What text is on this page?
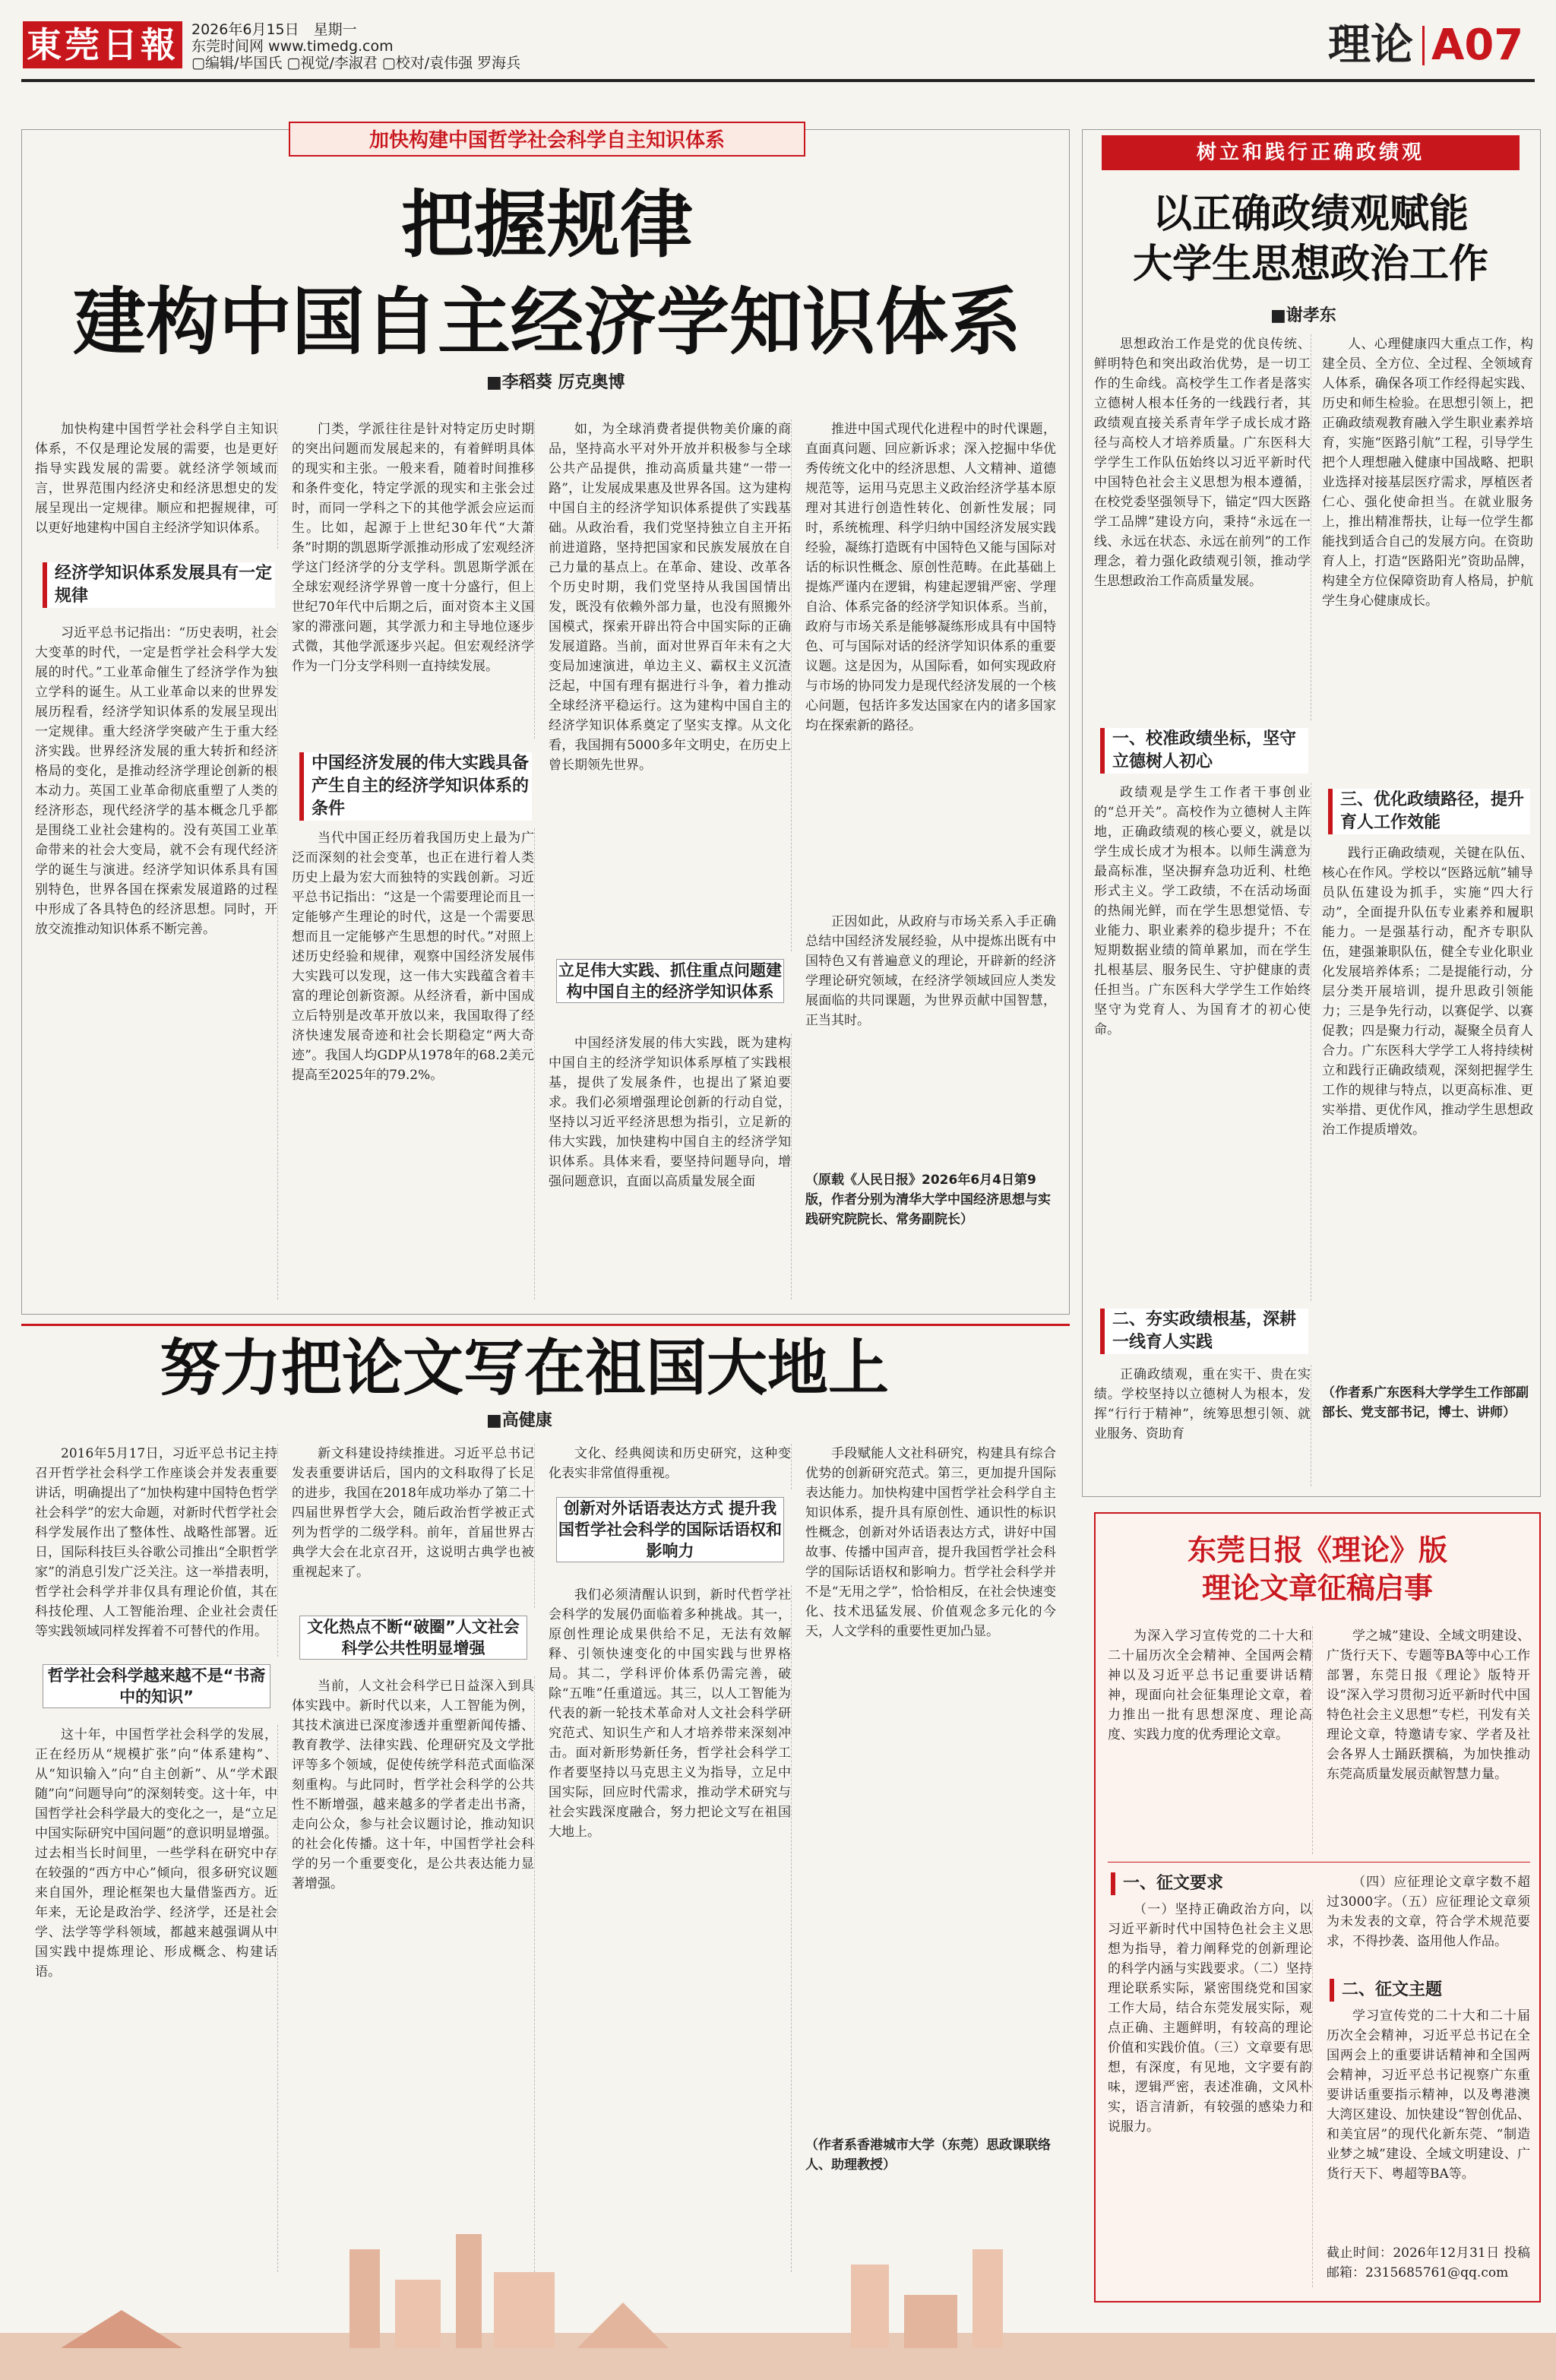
東莞日報 2026年6月15日　星期一
东莞时间网 www.timedg.com
▢编辑/毕国氏 ▢视觉/李淑君 ▢校对/袁伟强 罗海兵	理论 A07
加快构建中国哲学社会科学自主知识体系
把握规律
建构中国自主经济学知识体系
■李稻葵 厉克奥博
加快构建中国哲学社会科学自主知识体系，不仅是理论发展的需要，也是更好指导实践发展的需要。就经济学领域而言，世界范围内经济史和经济思想史的发展呈现出一定规律。顺应和把握规律，可以更好地建构中国自主经济学知识体系。
经济学知识体系发展具有一定规律
习近平总书记指出：“历史表明，社会大变革的时代，一定是哲学社会科学大发展的时代。”工业革命催生了经济学作为独立学科的诞生。从工业革命以来的世界发展历程看，经济学知识体系的发展呈现出一定规律。重大经济学突破产生于重大经济实践。世界经济发展的重大转折和经济格局的变化，是推动经济学理论创新的根本动力。英国工业革命彻底重塑了人类的经济形态，现代经济学的基本概念几乎都是围绕工业社会建构的。没有英国工业革命带来的社会大变局，就不会有现代经济学的诞生与演进。经济学知识体系具有国别特色，世界各国在探索发展道路的过程中形成了各具特色的经济思想。同时，开放交流推动知识体系不断完善。
门类，学派往往是针对特定历史时期的突出问题而发展起来的，有着鲜明具体的现实和主张。一般来看，随着时间推移和条件变化，特定学派的现实和主张会过时，而同一学科之下的其他学派会应运而生。比如，起源于上世纪30年代“大萧条”时期的凯恩斯学派推动形成了宏观经济学这门经济学的分支学科。凯恩斯学派在全球宏观经济学界曾一度十分盛行，但上世纪70年代中后期之后，面对资本主义国家的滞涨问题，其学派力和主导地位逐步式微，其他学派逐步兴起。但宏观经济学作为一门分支学科则一直持续发展。
中国经济发展的伟大实践具备产生自主的经济学知识体系的条件
当代中国正经历着我国历史上最为广泛而深刻的社会变革，也正在进行着人类历史上最为宏大而独特的实践创新。习近平总书记指出：“这是一个需要理论而且一定能够产生理论的时代，这是一个需要思想而且一定能够产生思想的时代。”对照上述历史经验和规律，观察中国经济发展伟大实践可以发现，这一伟大实践蕴含着丰富的理论创新资源。从经济看，新中国成立后特别是改革开放以来，我国取得了经济快速发展奇迹和社会长期稳定“两大奇迹”。我国人均GDP从1978年的68.2美元提高至2025年的79.2%。
如，为全球消费者提供物美价廉的商品，坚持高水平对外开放并积极参与全球公共产品提供，推动高质量共建“一带一路”，让发展成果惠及世界各国。这为建构中国自主的经济学知识体系提供了实践基础。从政治看，我们党坚持独立自主开拓前进道路，坚持把国家和民族发展放在自己力量的基点上。在革命、建设、改革各个历史时期，我们党坚持从我国国情出发，既没有依赖外部力量，也没有照搬外国模式，探索开辟出符合中国实际的正确发展道路。当前，面对世界百年未有之大变局加速演进，单边主义、霸权主义沉渣泛起，中国有理有据进行斗争，着力推动全球经济平稳运行。这为建构中国自主的经济学知识体系奠定了坚实支撑。从文化看，我国拥有5000多年文明史，在历史上曾长期领先世界。
立足伟大实践、抓住重点问题建构中国自主的经济学知识体系
中国经济发展的伟大实践，既为建构中国自主的经济学知识体系厚植了实践根基，提供了发展条件，也提出了紧迫要求。我们必须增强理论创新的行动自觉，坚持以习近平经济思想为指引，立足新的伟大实践，加快建构中国自主的经济学知识体系。具体来看，要坚持问题导向，增强问题意识，直面以高质量发展全面
推进中国式现代化进程中的时代课题，直面真问题、回应新诉求；深入挖掘中华优秀传统文化中的经济思想、人文精神、道德规范等，运用马克思主义政治经济学基本原理对其进行创造性转化、创新性发展；同时，系统梳理、科学归纳中国经济发展实践经验，凝练打造既有中国特色又能与国际对话的标识性概念、原创性范畴。在此基础上提炼严谨内在逻辑，构建起逻辑严密、学理自洽、体系完备的经济学知识体系。当前，政府与市场关系是能够凝练形成具有中国特色、可与国际对话的经济学知识体系的重要议题。这是因为，从国际看，如何实现政府与市场的协同发力是现代经济发展的一个核心问题，包括许多发达国家在内的诸多国家均在探索新的路径。
正因如此，从政府与市场关系入手正确总结中国经济发展经验，从中提炼出既有中国特色又有普遍意义的理论，开辟新的经济学理论研究领域，在经济学领域回应人类发展面临的共同课题，为世界贡献中国智慧，正当其时。
（原载《人民日报》2026年6月4日第9版，作者分别为清华大学中国经济思想与实践研究院院长、常务副院长）
树立和践行正确政绩观
以正确政绩观赋能
大学生思想政治工作
■谢孝东
思想政治工作是党的优良传统、鲜明特色和突出政治优势，是一切工作的生命线。高校学生工作者是落实立德树人根本任务的一线践行者，其政绩观直接关系青年学子成长成才路径与高校人才培养质量。广东医科大学学生工作队伍始终以习近平新时代中国特色社会主义思想为根本遵循，在校党委坚强领导下，锚定“四大医路学工品牌”建设方向，秉持“永远在一线、永远在状态、永远在前列”的工作理念，着力强化政绩观引领，推动学生思想政治工作高质量发展。
一、校准政绩坐标，坚守立德树人初心
政绩观是学生工作者干事创业的“总开关”。高校作为立德树人主阵地，正确政绩观的核心要义，就是以学生成长成才为根本。以师生满意为最高标准，坚决摒弃急功近利、杜绝形式主义。学工政绩，不在活动场面的热闹光鲜，而在学生思想觉悟、专业能力、职业素养的稳步提升；不在短期数据业绩的简单累加，而在学生扎根基层、服务民生、守护健康的责任担当。广东医科大学学生工作始终坚守为党育人、为国育才的初心使命。
二、夯实政绩根基，深耕一线育人实践
正确政绩观，重在实干、贵在实绩。学校坚持以立德树人为根本，发挥“行行于精神”，统筹思想引领、就业服务、资助育
人、心理健康四大重点工作，构建全员、全方位、全过程、全领域育人体系，确保各项工作经得起实践、历史和师生检验。在思想引领上，把正确政绩观教育融入学生职业素养培育，实施“医路引航”工程，引导学生把个人理想融入健康中国战略、把职业选择对接基层医疗需求，厚植医者仁心、强化使命担当。在就业服务上，推出精准帮扶，让每一位学生都能找到适合自己的发展方向。在资助育人上，打造“医路阳光”资助品牌，构建全方位保障资助育人格局，护航学生身心健康成长。
三、优化政绩路径，提升育人工作效能
践行正确政绩观，关键在队伍、核心在作风。学校以“医路远航”辅导员队伍建设为抓手，实施“四大行动”，全面提升队伍专业素养和履职能力。一是强基行动，配齐专职队伍，建强兼职队伍，健全专业化职业化发展培养体系；二是提能行动，分层分类开展培训，提升思政引领能力；三是争先行动，以赛促学、以赛促教；四是聚力行动，凝聚全员育人合力。广东医科大学学工人将持续树立和践行正确政绩观，深刻把握学生工作的规律与特点，以更高标准、更实举措、更优作风，推动学生思想政治工作提质增效。
（作者系广东医科大学学生工作部副部长、党支部书记，博士、讲师）
努力把论文写在祖国大地上
■高健康
2016年5月17日，习近平总书记主持召开哲学社会科学工作座谈会并发表重要讲话，明确提出了“加快构建中国特色哲学社会科学”的宏大命题，对新时代哲学社会科学发展作出了整体性、战略性部署。近日，国际科技巨头谷歌公司推出“全职哲学家”的消息引发广泛关注。这一举措表明，哲学社会科学并非仅具有理论价值，其在科技伦理、人工智能治理、企业社会责任等实践领域同样发挥着不可替代的作用。
哲学社会科学越来越不是“书斋中的知识”
这十年，中国哲学社会科学的发展，正在经历从“规模扩张”向“体系建构”、从“知识输入”向“自主创新”、从“学术跟随”向“问题导向”的深刻转变。这十年，中国哲学社会科学最大的变化之一，是“立足中国实际研究中国问题”的意识明显增强。过去相当长时间里，一些学科在研究中存在较强的“西方中心”倾向，很多研究议题来自国外，理论框架也大量借鉴西方。近年来，无论是政治学、经济学，还是社会学、法学等学科领域，都越来越强调从中国实践中提炼理论、形成概念、构建话语。
新文科建设持续推进。习近平总书记发表重要讲话后，国内的文科取得了长足的进步，我国在2018年成功举办了第二十四届世界哲学大会，随后政治哲学被正式列为哲学的二级学科。前年，首届世界古典学大会在北京召开，这说明古典学也被重视起来了。
文化热点不断“破圈”人文社会科学公共性明显增强
当前，人文社会科学已日益深入到具体实践中。新时代以来，人工智能为例，其技术演进已深度渗透并重塑新闻传播、教育教学、法律实践、伦理研究及文学批评等多个领域，促使传统学科范式面临深刻重构。与此同时，哲学社会科学的公共性不断增强，越来越多的学者走出书斋，走向公众，参与社会议题讨论，推动知识的社会化传播。这十年，中国哲学社会科学的另一个重要变化，是公共表达能力显著增强。
文化、经典阅读和历史研究，这种变化表实非常值得重视。
创新对外话语表达方式 提升我国哲学社会科学的国际话语权和影响力
我们必须清醒认识到，新时代哲学社会科学的发展仍面临着多种挑战。其一，原创性理论成果供给不足，无法有效解释、引领快速变化的中国实践与世界格局。其二，学科评价体系仍需完善，破除“五唯”任重道远。其三，以人工智能为代表的新一轮技术革命对人文社会科学研究范式、知识生产和人才培养带来深刻冲击。面对新形势新任务，哲学社会科学工作者要坚持以马克思主义为指导，立足中国实际，回应时代需求，推动学术研究与社会实践深度融合，努力把论文写在祖国大地上。
手段赋能人文社科研究，构建具有综合优势的创新研究范式。第三，更加提升国际表达能力。加快构建中国哲学社会科学自主知识体系，提升具有原创性、通识性的标识性概念，创新对外话语表达方式，讲好中国故事、传播中国声音，提升我国哲学社会科学的国际话语权和影响力。哲学社会科学并不是“无用之学”，恰恰相反，在社会快速变化、技术迅猛发展、价值观念多元化的今天，人文学科的重要性更加凸显。
（作者系香港城市大学（东莞）思政课联络人、助理教授）
东莞日报《理论》版
理论文章征稿启事
为深入学习宣传党的二十大和二十届历次全会精神、全国两会精神以及习近平总书记重要讲话精神，现面向社会征集理论文章，着力推出一批有思想深度、理论高度、实践力度的优秀理论文章。
学之城”建设、全域文明建设、广货行天下、专题等BA等中心工作部署，东莞日报《理论》版特开设“深入学习贯彻习近平新时代中国特色社会主义思想”专栏，刊发有关理论文章，特邀请专家、学者及社会各界人士踊跃撰稿，为加快推动东莞高质量发展贡献智慧力量。
一、征文要求
（一）坚持正确政治方向，以习近平新时代中国特色社会主义思想为指导，着力阐释党的创新理论的科学内涵与实践要求。（二）坚持理论联系实际，紧密围绕党和国家工作大局，结合东莞发展实际，观点正确、主题鲜明，有较高的理论价值和实践价值。（三）文章要有思想，有深度，有见地，文字要有韵味，逻辑严密，表述准确，文风朴实，语言清新，有较强的感染力和说服力。
（四）应征理论文章字数不超过3000字。（五）应征理论文章须为未发表的文章，符合学术规范要求，不得抄袭、盗用他人作品。
二、征文主题
学习宣传党的二十大和二十届历次全会精神，习近平总书记在全国两会上的重要讲话精神和全国两会精神，习近平总书记视察广东重要讲话重要指示精神，以及粤港澳大湾区建设、加快建设“智创优品、和美宜居”的现代化新东莞、“制造业梦之城”建设、全域文明建设、广货行天下、粤超等BA等。
截止时间：2026年12月31日 投稿邮箱：2315685761@qq.com
